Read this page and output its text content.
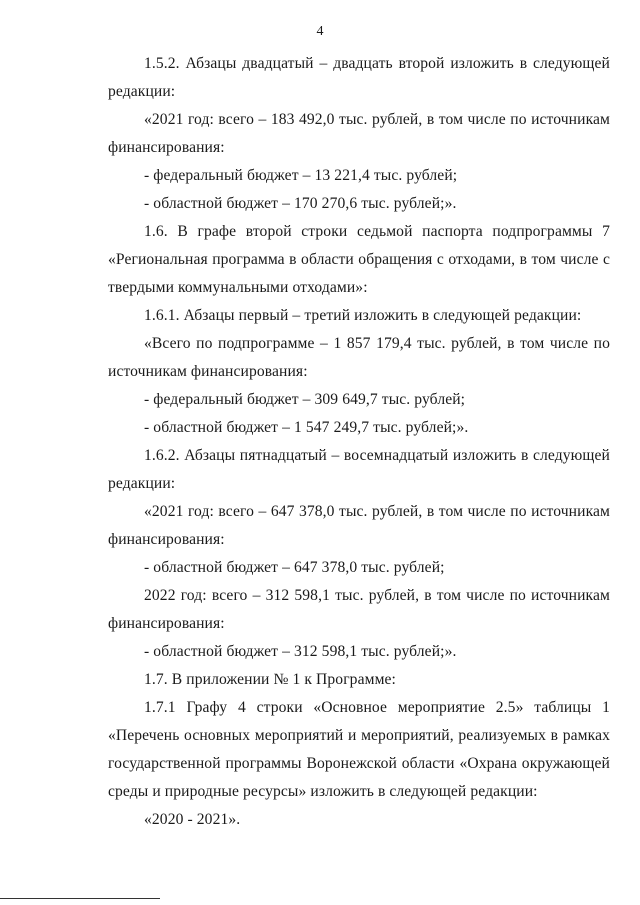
4

1.5.2. Абзацы двадцатый – двадцать второй изложить в следующей редакции:

«2021 год: всего – 183 492,0 тыс. рублей, в том числе по источникам финансирования:

- федеральный бюджет – 13 221,4 тыс. рублей;

- областной бюджет – 170 270,6 тыс. рублей;».

1.6. В графе второй строки седьмой паспорта подпрограммы 7 «Региональная программа в области обращения с отходами, в том числе с твердыми коммунальными отходами»:

1.6.1. Абзацы первый – третий изложить в следующей редакции:

«Всего по подпрограмме – 1 857 179,4 тыс. рублей, в том числе по источникам финансирования:

- федеральный бюджет – 309 649,7 тыс. рублей;

- областной бюджет – 1 547 249,7 тыс. рублей;».

1.6.2. Абзацы пятнадцатый – восемнадцатый изложить в следующей редакции:

«2021 год: всего – 647 378,0 тыс. рублей, в том числе по источникам финансирования:

- областной бюджет – 647 378,0 тыс. рублей;

2022 год: всего – 312 598,1 тыс. рублей, в том числе по источникам финансирования:

- областной бюджет – 312 598,1 тыс. рублей;».

1.7. В приложении № 1 к Программе:

1.7.1 Графу 4 строки «Основное мероприятие 2.5» таблицы 1 «Перечень основных мероприятий и мероприятий, реализуемых в рамках государственной программы Воронежской области «Охрана окружающей среды и природные ресурсы» изложить в следующей редакции:

«2020 - 2021».
